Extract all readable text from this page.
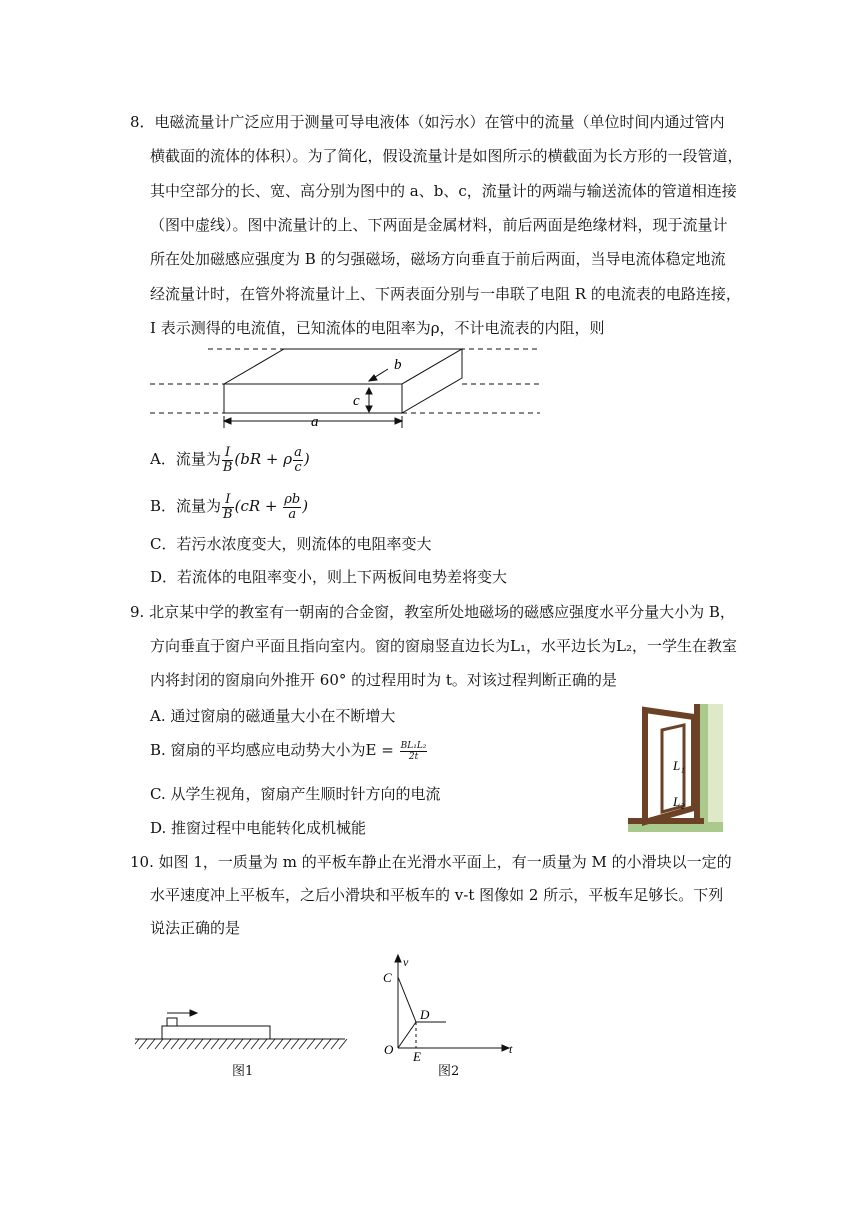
8．电磁流量计广泛应用于测量可导电液体（如污水）在管中的流量（单位时间内通过管内
横截面的流体的体积）。为了简化，假设流量计是如图所示的横截面为长方形的一段管道，
其中空部分的长、宽、高分别为图中的 a、b、c，流量计的两端与输送流体的管道相连接
（图中虚线）。图中流量计的上、下两面是金属材料，前后两面是绝缘材料，现于流量计
所在处加磁感应强度为 B 的匀强磁场，磁场方向垂直于前后两面，当导电流体稳定地流
经流量计时，在管外将流量计上、下两表面分别与一串联了电阻 R 的电流表的电路连接，
I 表示测得的电流值，已知流体的电阻率为ρ，不计电流表的内阻，则
b
c
a
A．流量为 $\frac{I}{B} (bR + \rho \frac{a}{c}$ )
B．流量为 $\frac{I}{B} (cR + \frac{\rho b}{a}$ )
C．若污水浓度变大，则流体的电阻率变大
D．若流体的电阻率变小，则上下两板间电势差将变大
9. 北京某中学的教室有一朝南的合金窗，教室所处地磁场的磁感应强度水平分量大小为 B，
方向垂直于窗户平面且指向室内。窗的窗扇竖直边长为L₁，水平边长为L₂，一学生在教室
内将封闭的窗扇向外推开 60° 的过程用时为 t。对该过程判断正确的是
A. 通过窗扇的磁通量大小在不断增大
B. 窗扇的平均感应电动势大小为$E = \frac{\text{BL₁L₂}}{2t}$
C. 从学生视角，窗扇产生顺时针方向的电流
D. 推窗过程中电能转化成机械能
L₁
L₂
10. 如图 1，一质量为 m 的平板车静止在光滑水平面上，有一质量为 M 的小滑块以一定的
水平速度冲上平板车，之后小滑块和平板车的 v-t 图像如 2 所示，平板车足够长。下列
说法正确的是
图1
v
t
C
D
O E
图2
